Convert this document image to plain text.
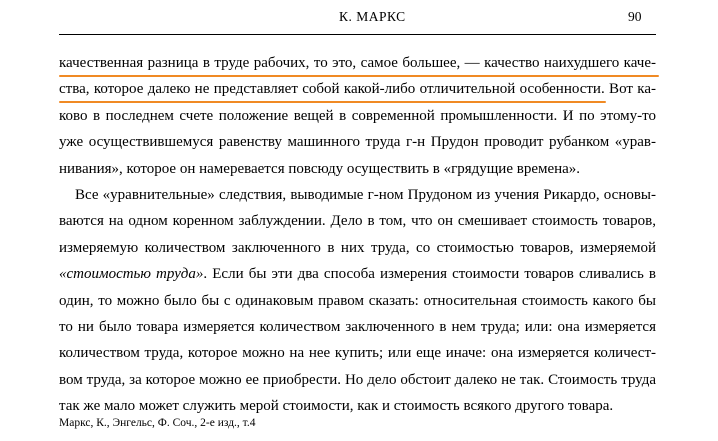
К. МАРКС	90
качественная разница в труде рабочих, то это, самое большее, — качество наихудшего каче-
ства, которое далеко не представляет собой какой-либо отличительной особенности. Вот ка-
ково в последнем счете положение вещей в современной промышленности. И по этому-то
уже осуществившемуся равенству машинного труда г-н Прудон проводит рубанком «урав-
нивания», которое он намеревается повсюду осуществить в «грядущие времена».
Все «уравнительные» следствия, выводимые г-ном Прудоном из учения Рикардо, основы-
ваются на одном коренном заблуждении. Дело в том, что он смешивает стоимость товаров,
измеряемую количеством заключенного в них труда, со стоимостью товаров, измеряемой
«стоимостью труда». Если бы эти два способа измерения стоимости товаров сливались в
один, то можно было бы с одинаковым правом сказать: относительная стоимость какого бы
то ни было товара измеряется количеством заключенного в нем труда; или: она измеряется
количеством труда, которое можно на нее купить; или еще иначе: она измеряется количест-
вом труда, за которое можно ее приобрести. Но дело обстоит далеко не так. Стоимость труда
так же мало может служить мерой стоимости, как и стоимость всякого другого товара.
Маркс, К., Энгельс, Ф. Соч., 2-е изд., т.4
